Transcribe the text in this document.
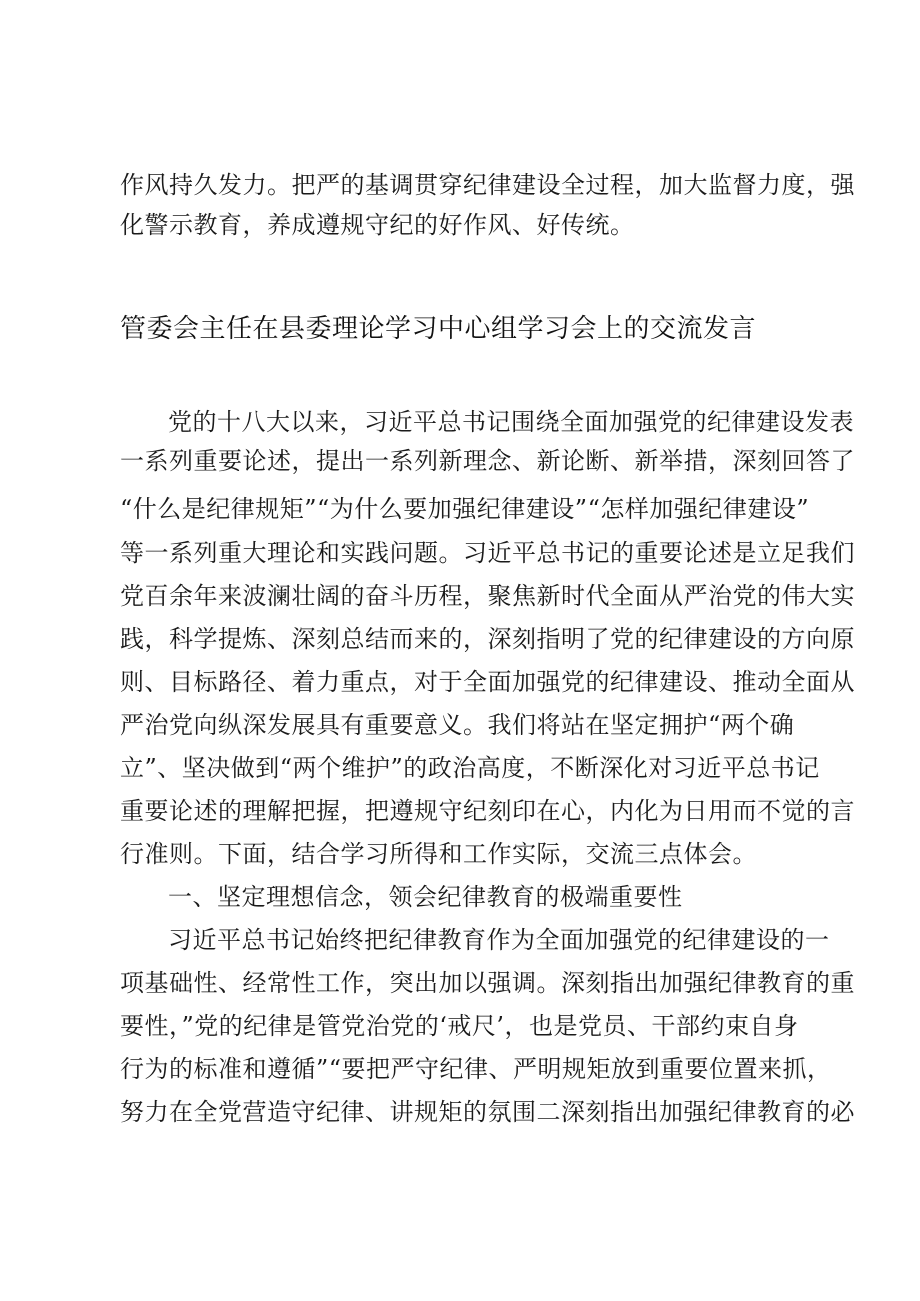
作风持久发力。把严的基调贯穿纪律建设全过程，加大监督力度，强
化警示教育，养成遵规守纪的好作风、好传统。
管委会主任在县委理论学习中心组学习会上的交流发言
党的十八大以来，习近平总书记围绕全面加强党的纪律建设发表
一系列重要论述，提出一系列新理念、新论断、新举措，深刻回答了
“什么是纪律规矩”“为什么要加强纪律建设”“怎样加强纪律建设”
等一系列重大理论和实践问题。习近平总书记的重要论述是立足我们
党百余年来波澜壮阔的奋斗历程，聚焦新时代全面从严治党的伟大实
践，科学提炼、深刻总结而来的，深刻指明了党的纪律建设的方向原
则、目标路径、着力重点，对于全面加强党的纪律建设、推动全面从
严治党向纵深发展具有重要意义。我们将站在坚定拥护“两个确
立”、坚决做到“两个维护”的政治高度，不断深化对习近平总书记
重要论述的理解把握，把遵规守纪刻印在心，内化为日用而不觉的言
行准则。下面，结合学习所得和工作实际，交流三点体会。
一、坚定理想信念，领会纪律教育的极端重要性
习近平总书记始终把纪律教育作为全面加强党的纪律建设的一
项基础性、经常性工作，突出加以强调。深刻指出加强纪律教育的重
要性，”党的纪律是管党治党的‘戒尺’，也是党员、干部约束自身
行为的标准和遵循”“要把严守纪律、严明规矩放到重要位置来抓，
努力在全党营造守纪律、讲规矩的氛围二深刻指出加强纪律教育的必
